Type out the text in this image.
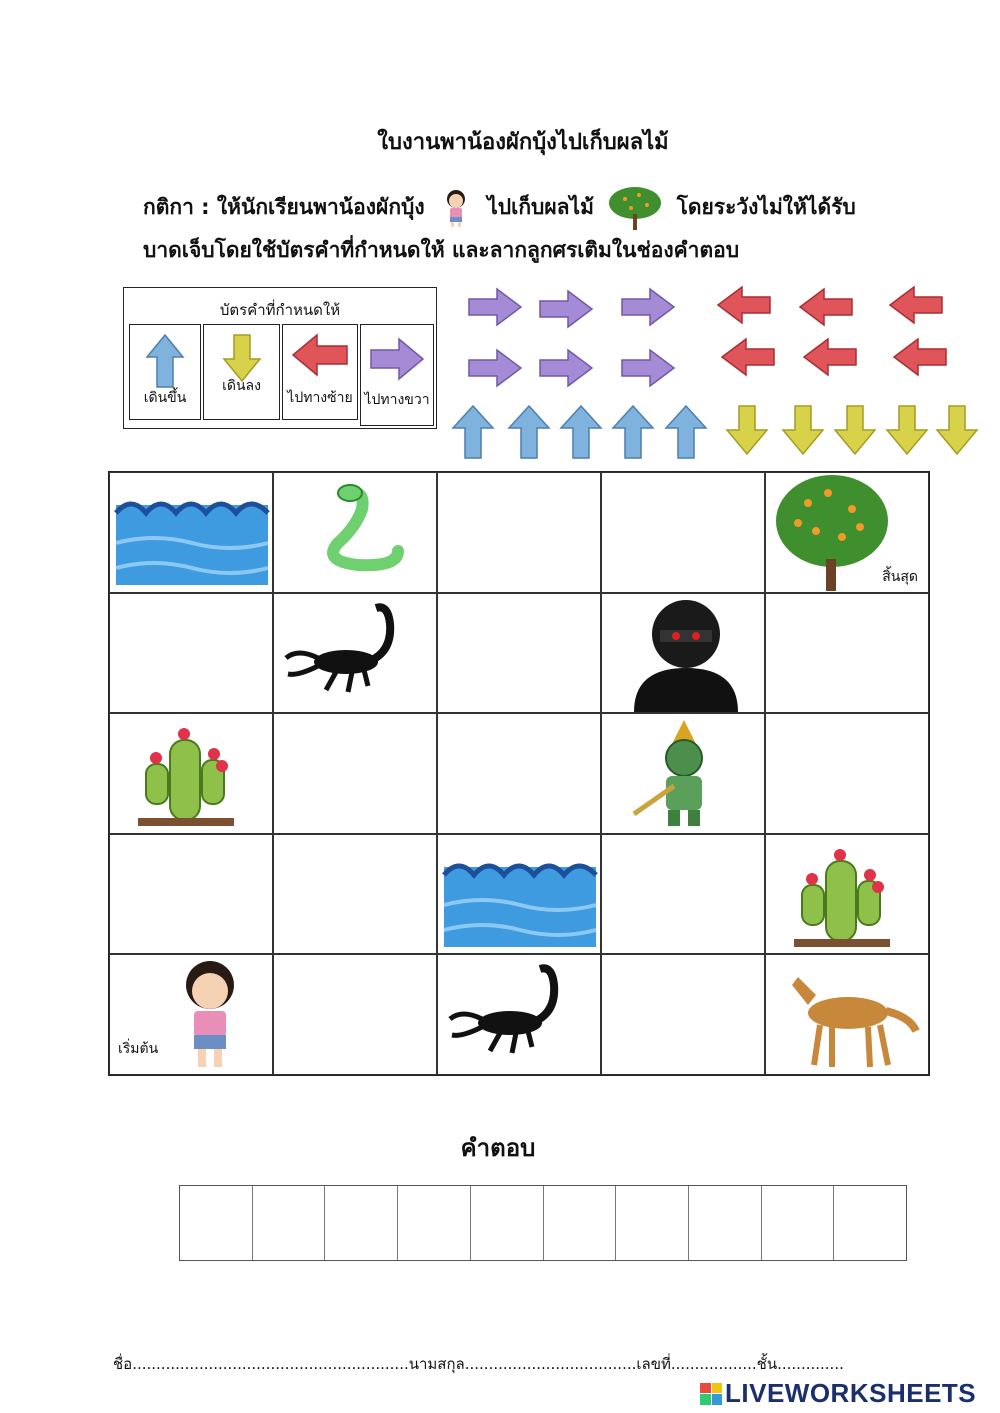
ใบงานพาน้องผักบุ้งไปเก็บผลไม้
กติกา : ให้นักเรียนพาน้องผักบุ้ง	ไปเก็บผลไม้	โดยระวังไม่ให้ได้รับ
บาดเจ็บโดยใช้บัตรคำที่กำหนดให้ และลากลูกศรเติมในช่องคำตอบ
บัตรคำที่กำหนดให้
เดินขึ้น
เดินลง
ไปทางซ้าย ไปทางขวา
สิ้นสุด
เริ่มต้น
คำตอบ
ชื่อ..........................................................นามสกุล....................................เลขที่..................ชั้น..............
LIVEWORKSHEETS
